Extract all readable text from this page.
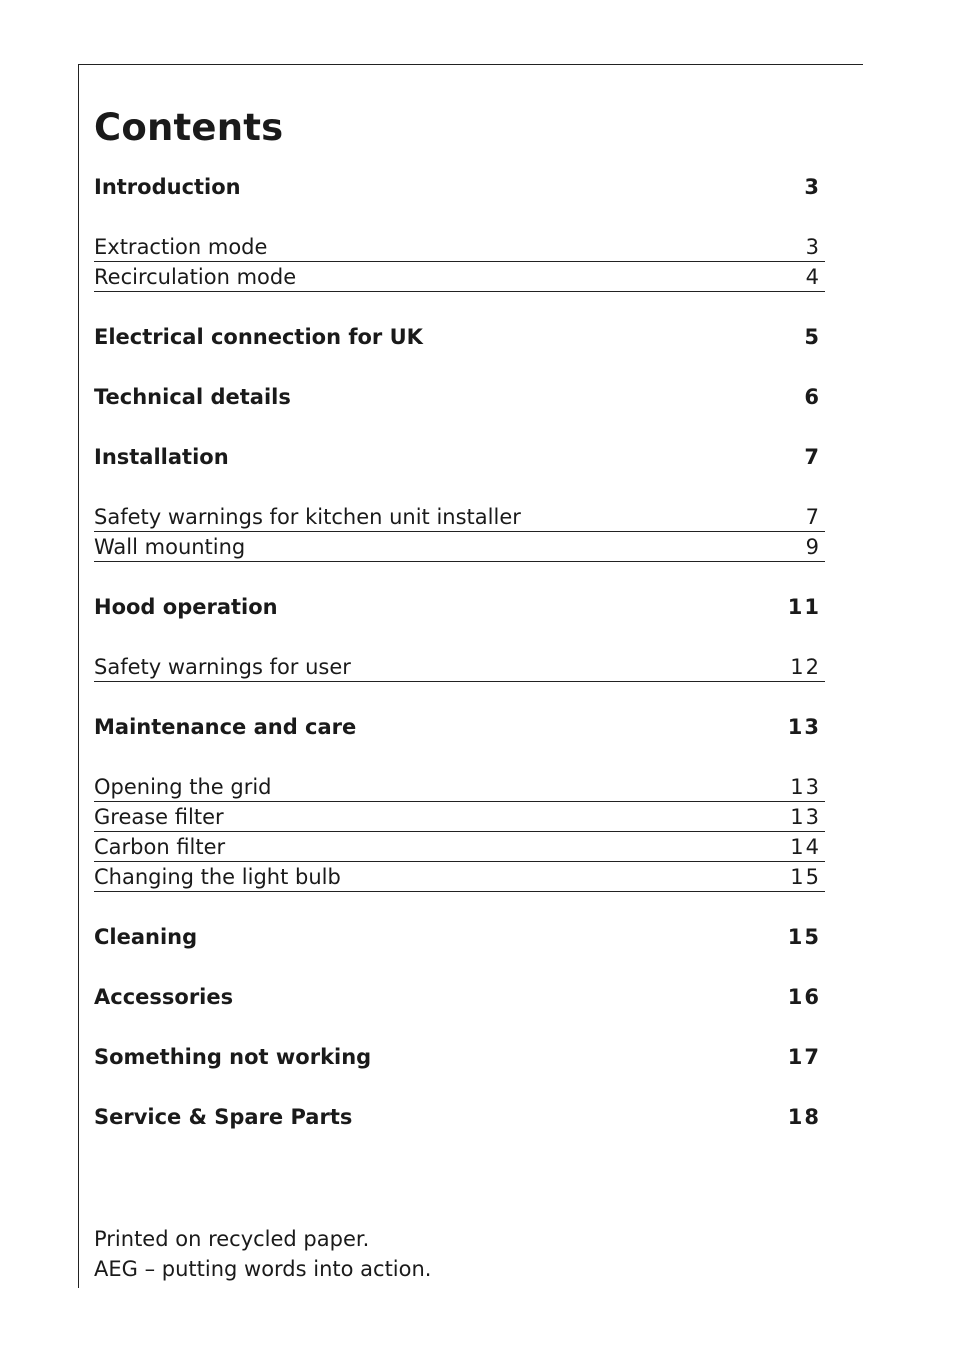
Contents
Introduction	3
Extraction mode	3
Recirculation mode	4
Electrical connection for UK	5
Technical details	6
Installation	7
Safety warnings for kitchen unit installer	7
Wall mounting	9
Hood operation	11
Safety warnings for user	12
Maintenance and care	13
Opening the grid	13
Grease filter	13
Carbon filter	14
Changing the light bulb	15
Cleaning	15
Accessories	16
Something not working	17
Service & Spare Parts	18
Printed on recycled paper.
AEG – putting words into action.
